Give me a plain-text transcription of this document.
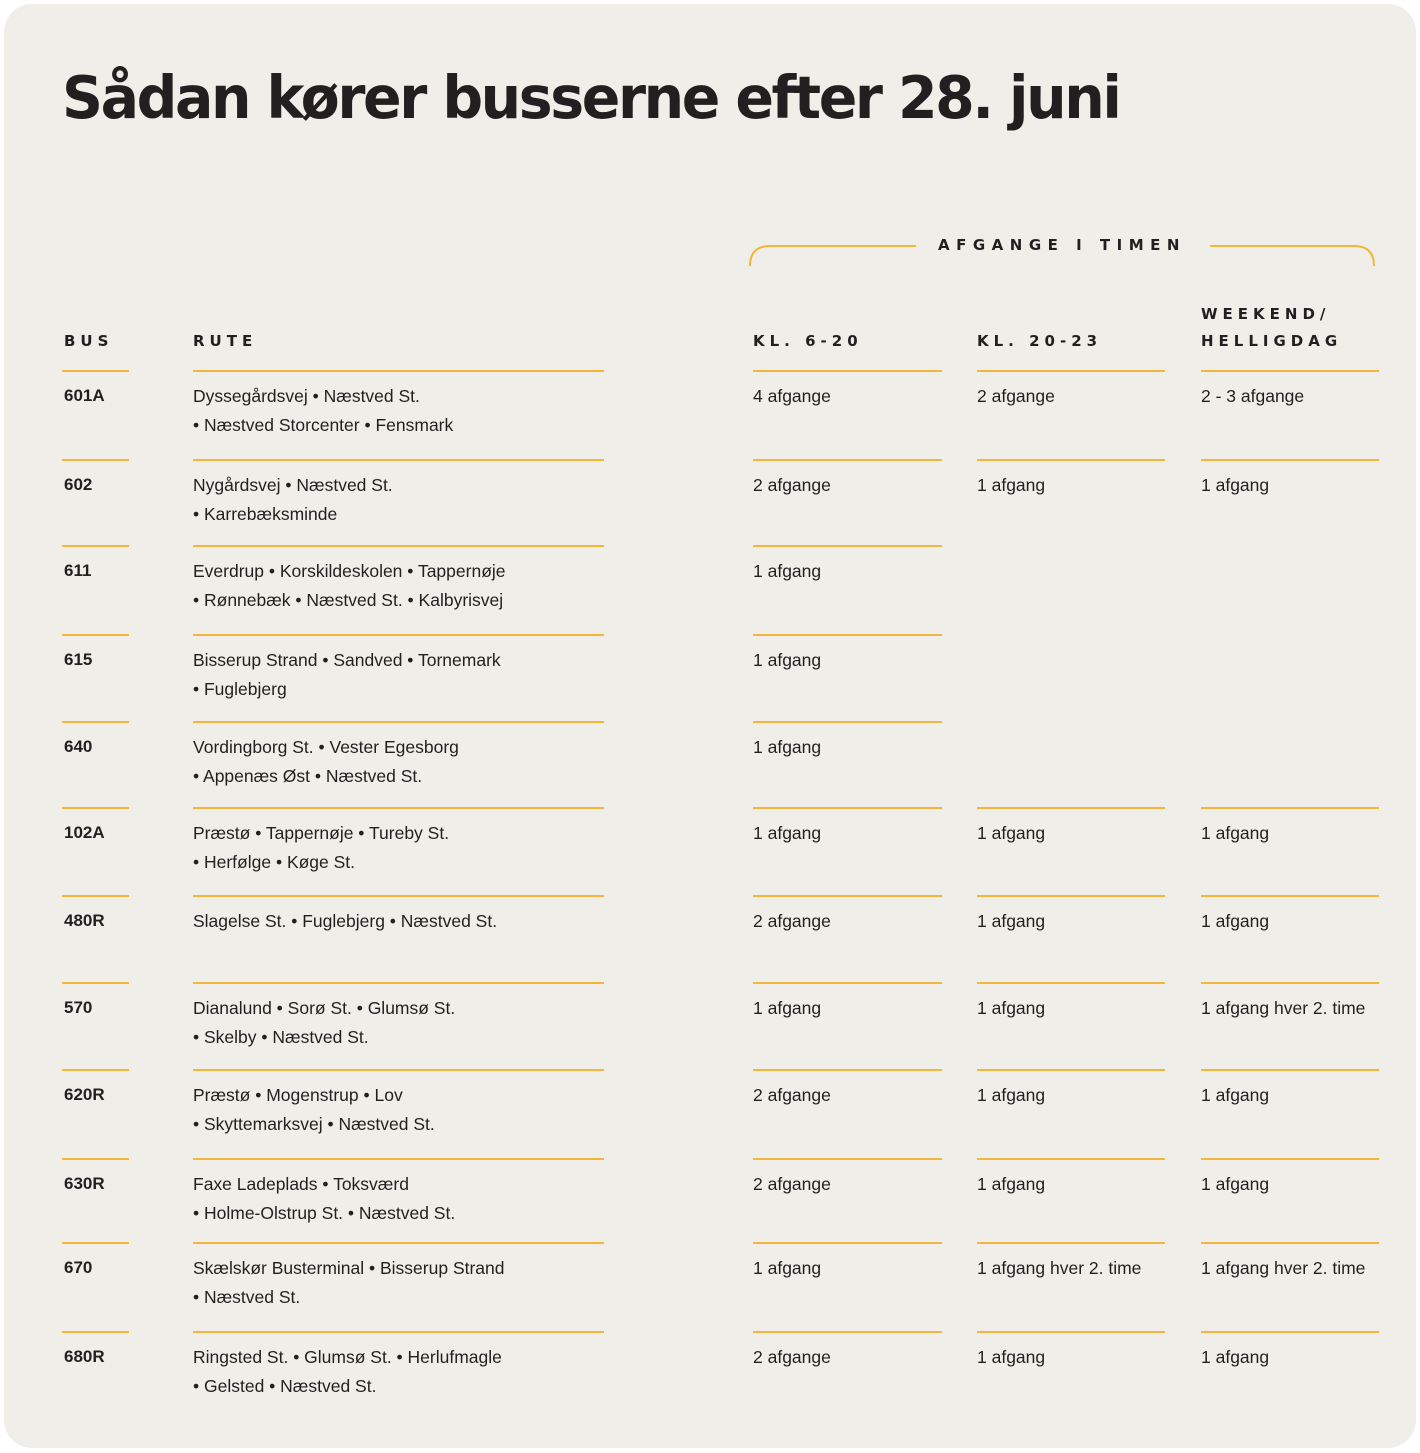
Sådan kører busserne efter 28. juni
AFGANGE I TIMEN
BUS	RUTE	KL. 6-20	KL. 20-23
WEEKEND/
HELLIGDAG
601A	Dyssegårdsvej • Næstved St.
• Næstved Storcenter • Fensmark
4 afgange	2 afgange	2 - 3 afgange
602	Nygårdsvej • Næstved St.
• Karrebæksminde
2 afgange	1 afgang	1 afgang
611	Everdrup • Korskildeskolen • Tappernøje
• Rønnebæk • Næstved St. • Kalbyrisvej
1 afgang
615	Bisserup Strand • Sandved • Tornemark
• Fuglebjerg
1 afgang
640	Vordingborg St. • Vester Egesborg
• Appenæs Øst • Næstved St.
1 afgang
102A	Præstø • Tappernøje • Tureby St.
• Herfølge • Køge St.
1 afgang	1 afgang	1 afgang
480R	Slagelse St. • Fuglebjerg • Næstved St.	2 afgange	1 afgang	1 afgang
570	Dianalund • Sorø St. • Glumsø St.
• Skelby • Næstved St.
1 afgang	1 afgang	1 afgang hver 2. time
620R	Præstø • Mogenstrup • Lov
• Skyttemarksvej • Næstved St.
2 afgange	1 afgang	1 afgang
630R	Faxe Ladeplads • Toksværd
• Holme-Olstrup St. • Næstved St.
2 afgange	1 afgang	1 afgang
670	Skælskør Busterminal • Bisserup Strand
• Næstved St.
1 afgang	1 afgang hver 2. time	1 afgang hver 2. time
680R	Ringsted St. • Glumsø St. • Herlufmagle
• Gelsted • Næstved St.
2 afgange	1 afgang	1 afgang
